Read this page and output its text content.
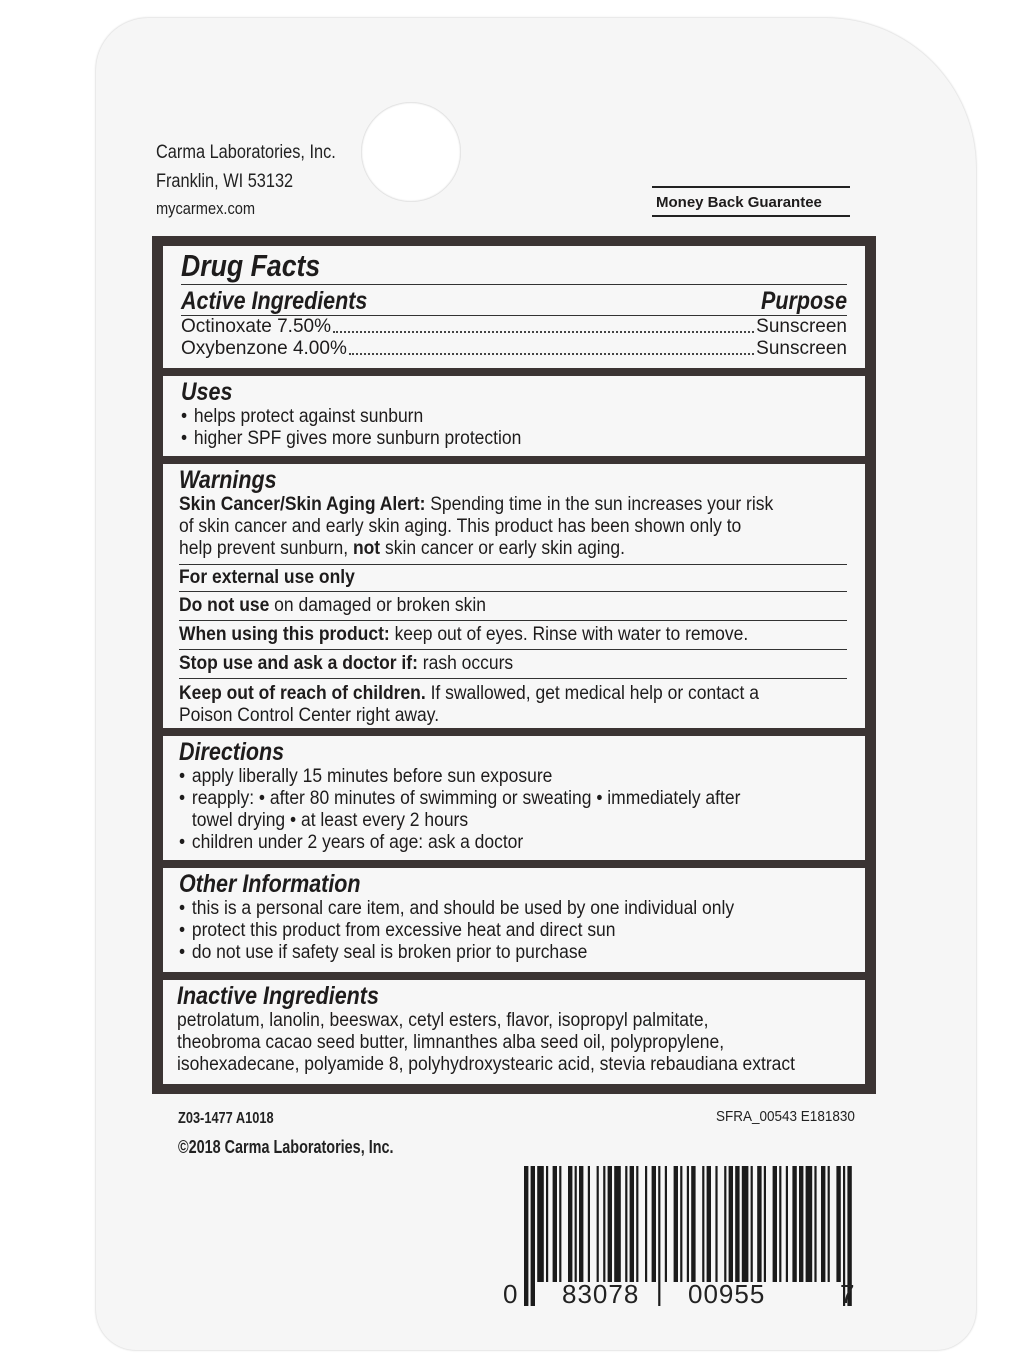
Carma Laboratories, Inc.
Franklin, WI 53132
mycarmex.com	Money Back Guarantee
Drug Facts
Active Ingredients	Purpose
Octinoxate 7.50%	Sunscreen
Oxybenzone 4.00%	Sunscreen
Uses
• helps protect against sunburn
• higher SPF gives more sunburn protection
Warnings
Skin Cancer/Skin Aging Alert: Spending time in the sun increases your risk
of skin cancer and early skin aging. This product has been shown only to
help prevent sunburn, not skin cancer or early skin aging.
For external use only
Do not use on damaged or broken skin
When using this product: keep out of eyes. Rinse with water to remove.
Stop use and ask a doctor if: rash occurs
Keep out of reach of children. If swallowed, get medical help or contact a
Poison Control Center right away.
Directions
• apply liberally 15 minutes before sun exposure
• reapply: • after 80 minutes of swimming or sweating • immediately after
towel drying • at least every 2 hours
• children under 2 years of age: ask a doctor
Other Information
• this is a personal care item, and should be used by one individual only
• protect this product from excessive heat and direct sun
• do not use if safety seal is broken prior to purchase
Inactive Ingredients
petrolatum, lanolin, beeswax, cetyl esters, flavor, isopropyl palmitate,
theobroma cacao seed butter, limnanthes alba seed oil, polypropylene,
isohexadecane, polyamide 8, polyhydroxystearic acid, stevia rebaudiana extract
Z03-1477 A1018
©2018 Carma Laboratories, Inc.
SFRA_00543 E181830
0 83078 00955	7
